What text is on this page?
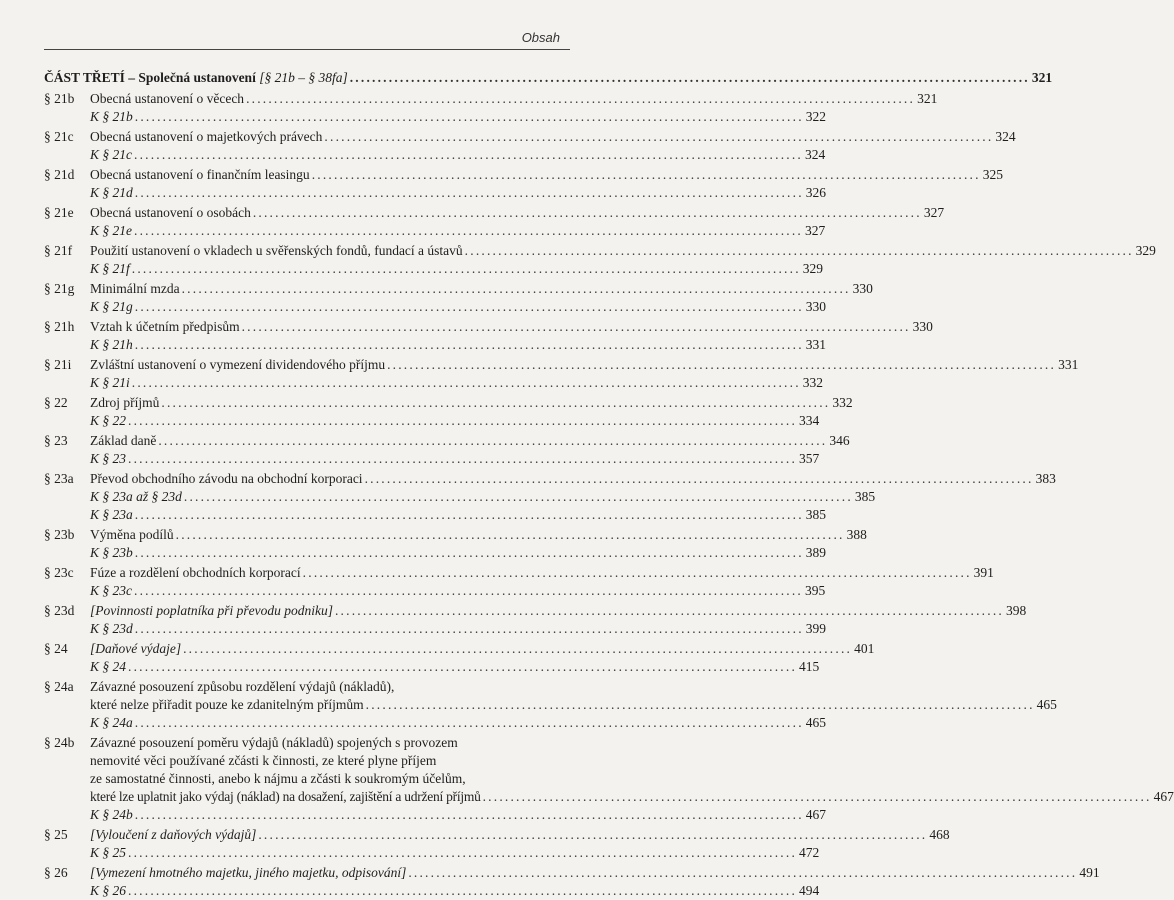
Obsah
ČÁST TŘETÍ – Společná ustanovení [§ 21b – § 38fa] .......................................................................................................................... 321
§ 21b Obecná ustanovení o věcech ........................................................................................................................ 321
K § 21b ........................................................................................................................ 322
§ 21c Obecná ustanovení o majetkových právech ........................................................................................................................ 324
K § 21c ........................................................................................................................ 324
§ 21d Obecná ustanovení o finančním leasingu ........................................................................................................................ 325
K § 21d ........................................................................................................................ 326
§ 21e Obecná ustanovení o osobách ........................................................................................................................ 327
K § 21e ........................................................................................................................ 327
§ 21f Použití ustanovení o vkladech u svěřenských fondů, fundací a ústavů ........................................................................................................................ 329
K § 21f ........................................................................................................................ 329
§ 21g Minimální mzda ........................................................................................................................ 330
K § 21g ........................................................................................................................ 330
§ 21h Vztah k účetním předpisům ........................................................................................................................ 330
K § 21h ........................................................................................................................ 331
§ 21i Zvláštní ustanovení o vymezení dividendového příjmu ........................................................................................................................ 331
K § 21i ........................................................................................................................ 332
§ 22 Zdroj příjmů ........................................................................................................................ 332
K § 22 ........................................................................................................................ 334
§ 23 Základ daně ........................................................................................................................ 346
K § 23 ........................................................................................................................ 357
§ 23a Převod obchodního závodu na obchodní korporaci ........................................................................................................................ 383
K § 23a až § 23d ........................................................................................................................ 385
K § 23a ........................................................................................................................ 385
§ 23b Výměna podílů ........................................................................................................................ 388
K § 23b ........................................................................................................................ 389
§ 23c Fúze a rozdělení obchodních korporací ........................................................................................................................ 391
K § 23c ........................................................................................................................ 395
§ 23d [Povinnosti poplatníka při převodu podniku] ........................................................................................................................ 398
K § 23d ........................................................................................................................ 399
§ 24 [Daňové výdaje] ........................................................................................................................ 401
K § 24 ........................................................................................................................ 415
§ 24a Závazné posouzení způsobu rozdělení výdajů (nákladů),
které nelze přiřadit pouze ke zdanitelným příjmům ........................................................................................................................ 465
K § 24a ........................................................................................................................ 465
§ 24b Závazné posouzení poměru výdajů (nákladů) spojených s provozem
nemovité věci používané zčásti k činnosti, ze které plyne příjem
ze samostatné činnosti, anebo k nájmu a zčásti k soukromým účelům,
které lze uplatnit jako výdaj (náklad) na dosažení, zajištění a udržení příjmů ........................................................................................................................ 467
K § 24b ........................................................................................................................ 467
§ 25 [Vyloučení z daňových výdajů] ........................................................................................................................ 468
K § 25 ........................................................................................................................ 472
§ 26 [Vymezení hmotného majetku, jiného majetku, odpisování] ........................................................................................................................ 491
K § 26 ........................................................................................................................ 494
